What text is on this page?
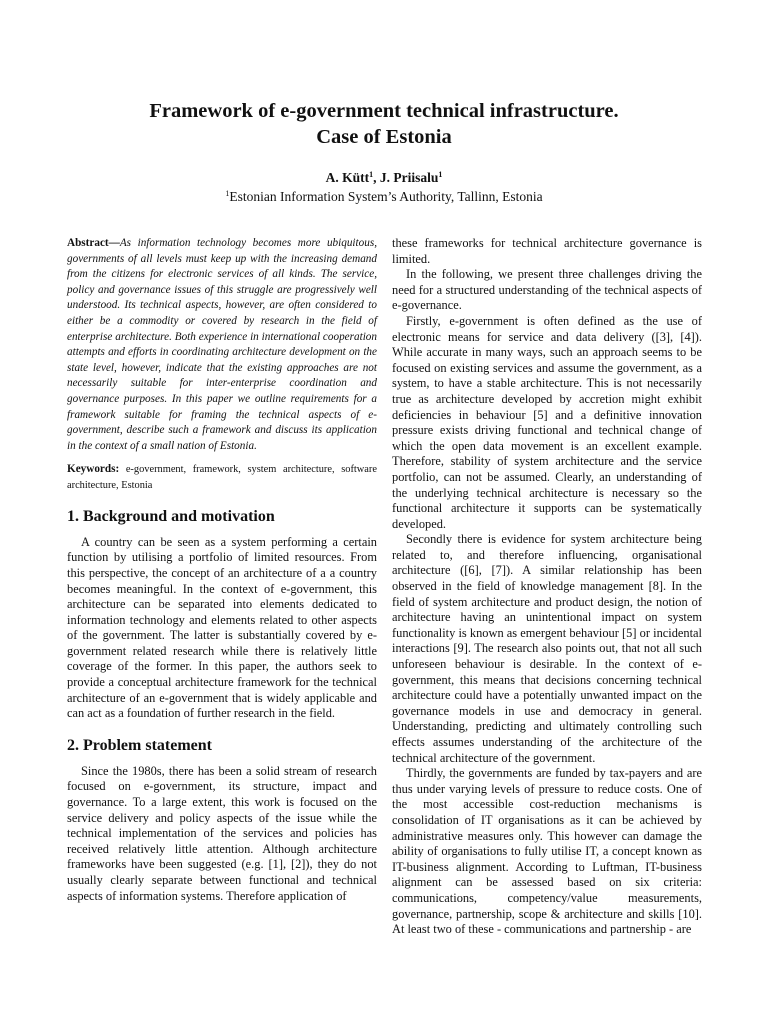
Framework of e-government technical infrastructure.
Case of Estonia
A. Kütt$^1$, J. Priisalu$^1$
$^1$Estonian Information System’s Authority, Tallinn, Estonia

Abstract—As information technology becomes more ubiquitous, governments of all levels must keep up with the increasing demand from the citizens for electronic services of all kinds. The service, policy and governance issues of this struggle are progressively well understood. Its technical aspects, however, are often considered to either be a commodity or covered by research in the field of enterprise architecture. Both experience in international cooperation attempts and efforts in coordinating architecture development on the state level, however, indicate that the existing approaches are not necessarily suitable for inter-enterprise coordination and governance purposes. In this paper we outline requirements for a framework suitable for framing the technical aspects of e-government, describe such a framework and discuss its application in the context of a small nation of Estonia.

Keywords: e-government, framework, system architecture, software architecture, Estonia

1. Background and motivation

A country can be seen as a system performing a certain function by utilising a portfolio of limited resources. From this perspective, the concept of an architecture of a a country becomes meaningful. In the context of e-government, this architecture can be separated into elements dedicated to information technology and elements related to other aspects of the government. The latter is substantially covered by e-government related research while there is relatively little coverage of the former. In this paper, the authors seek to provide a conceptual architecture framework for the technical architecture of an e-government that is widely applicable and can act as a foundation of further research in the field.

2. Problem statement

Since the 1980s, there has been a solid stream of research focused on e-government, its structure, impact and governance. To a large extent, this work is focused on the service delivery and policy aspects of the issue while the technical implementation of the services and policies has received relatively little attention. Although architecture frameworks have been suggested (e.g. [1], [2]), they do not usually clearly separate between functional and technical aspects of information systems. Therefore application of

these frameworks for technical architecture governance is limited.

In the following, we present three challenges driving the need for a structured understanding of the technical aspects of e-governance.

Firstly, e-government is often defined as the use of electronic means for service and data delivery ([3], [4]). While accurate in many ways, such an approach seems to be focused on existing services and assume the government, as a system, to have a stable architecture. This is not necessarily true as architecture developed by accretion might exhibit deficiencies in behaviour [5] and a definitive innovation pressure exists driving functional and technical change of which the open data movement is an excellent example. Therefore, stability of system architecture and the service portfolio, can not be assumed. Clearly, an understanding of the underlying technical architecture is necessary so the functional architecture it supports can be systematically developed.

Secondly there is evidence for system architecture being related to, and therefore influencing, organisational architecture ([6], [7]). A similar relationship has been observed in the field of knowledge management [8]. In the field of system architecture and product design, the notion of architecture having an unintentional impact on system functionality is known as emergent behaviour [5] or incidental interactions [9]. The research also points out, that not all such unforeseen behaviour is desirable. In the context of e-government, this means that decisions concerning technical architecture could have a potentially unwanted impact on the governance models in use and democracy in general. Understanding, predicting and ultimately controlling such effects assumes understanding of the architecture of the technical architecture of the government.

Thirdly, the governments are funded by tax-payers and are thus under varying levels of pressure to reduce costs. One of the most accessible cost-reduction mechanisms is consolidation of IT organisations as it can be achieved by administrative measures only. This however can damage the ability of organisations to fully utilise IT, a concept known as IT-business alignment. According to Luftman, IT-business alignment can be assessed based on six criteria: communications, competency/value measurements, governance, partnership, scope & architecture and skills [10]. At least two of these - communications and partnership - are
